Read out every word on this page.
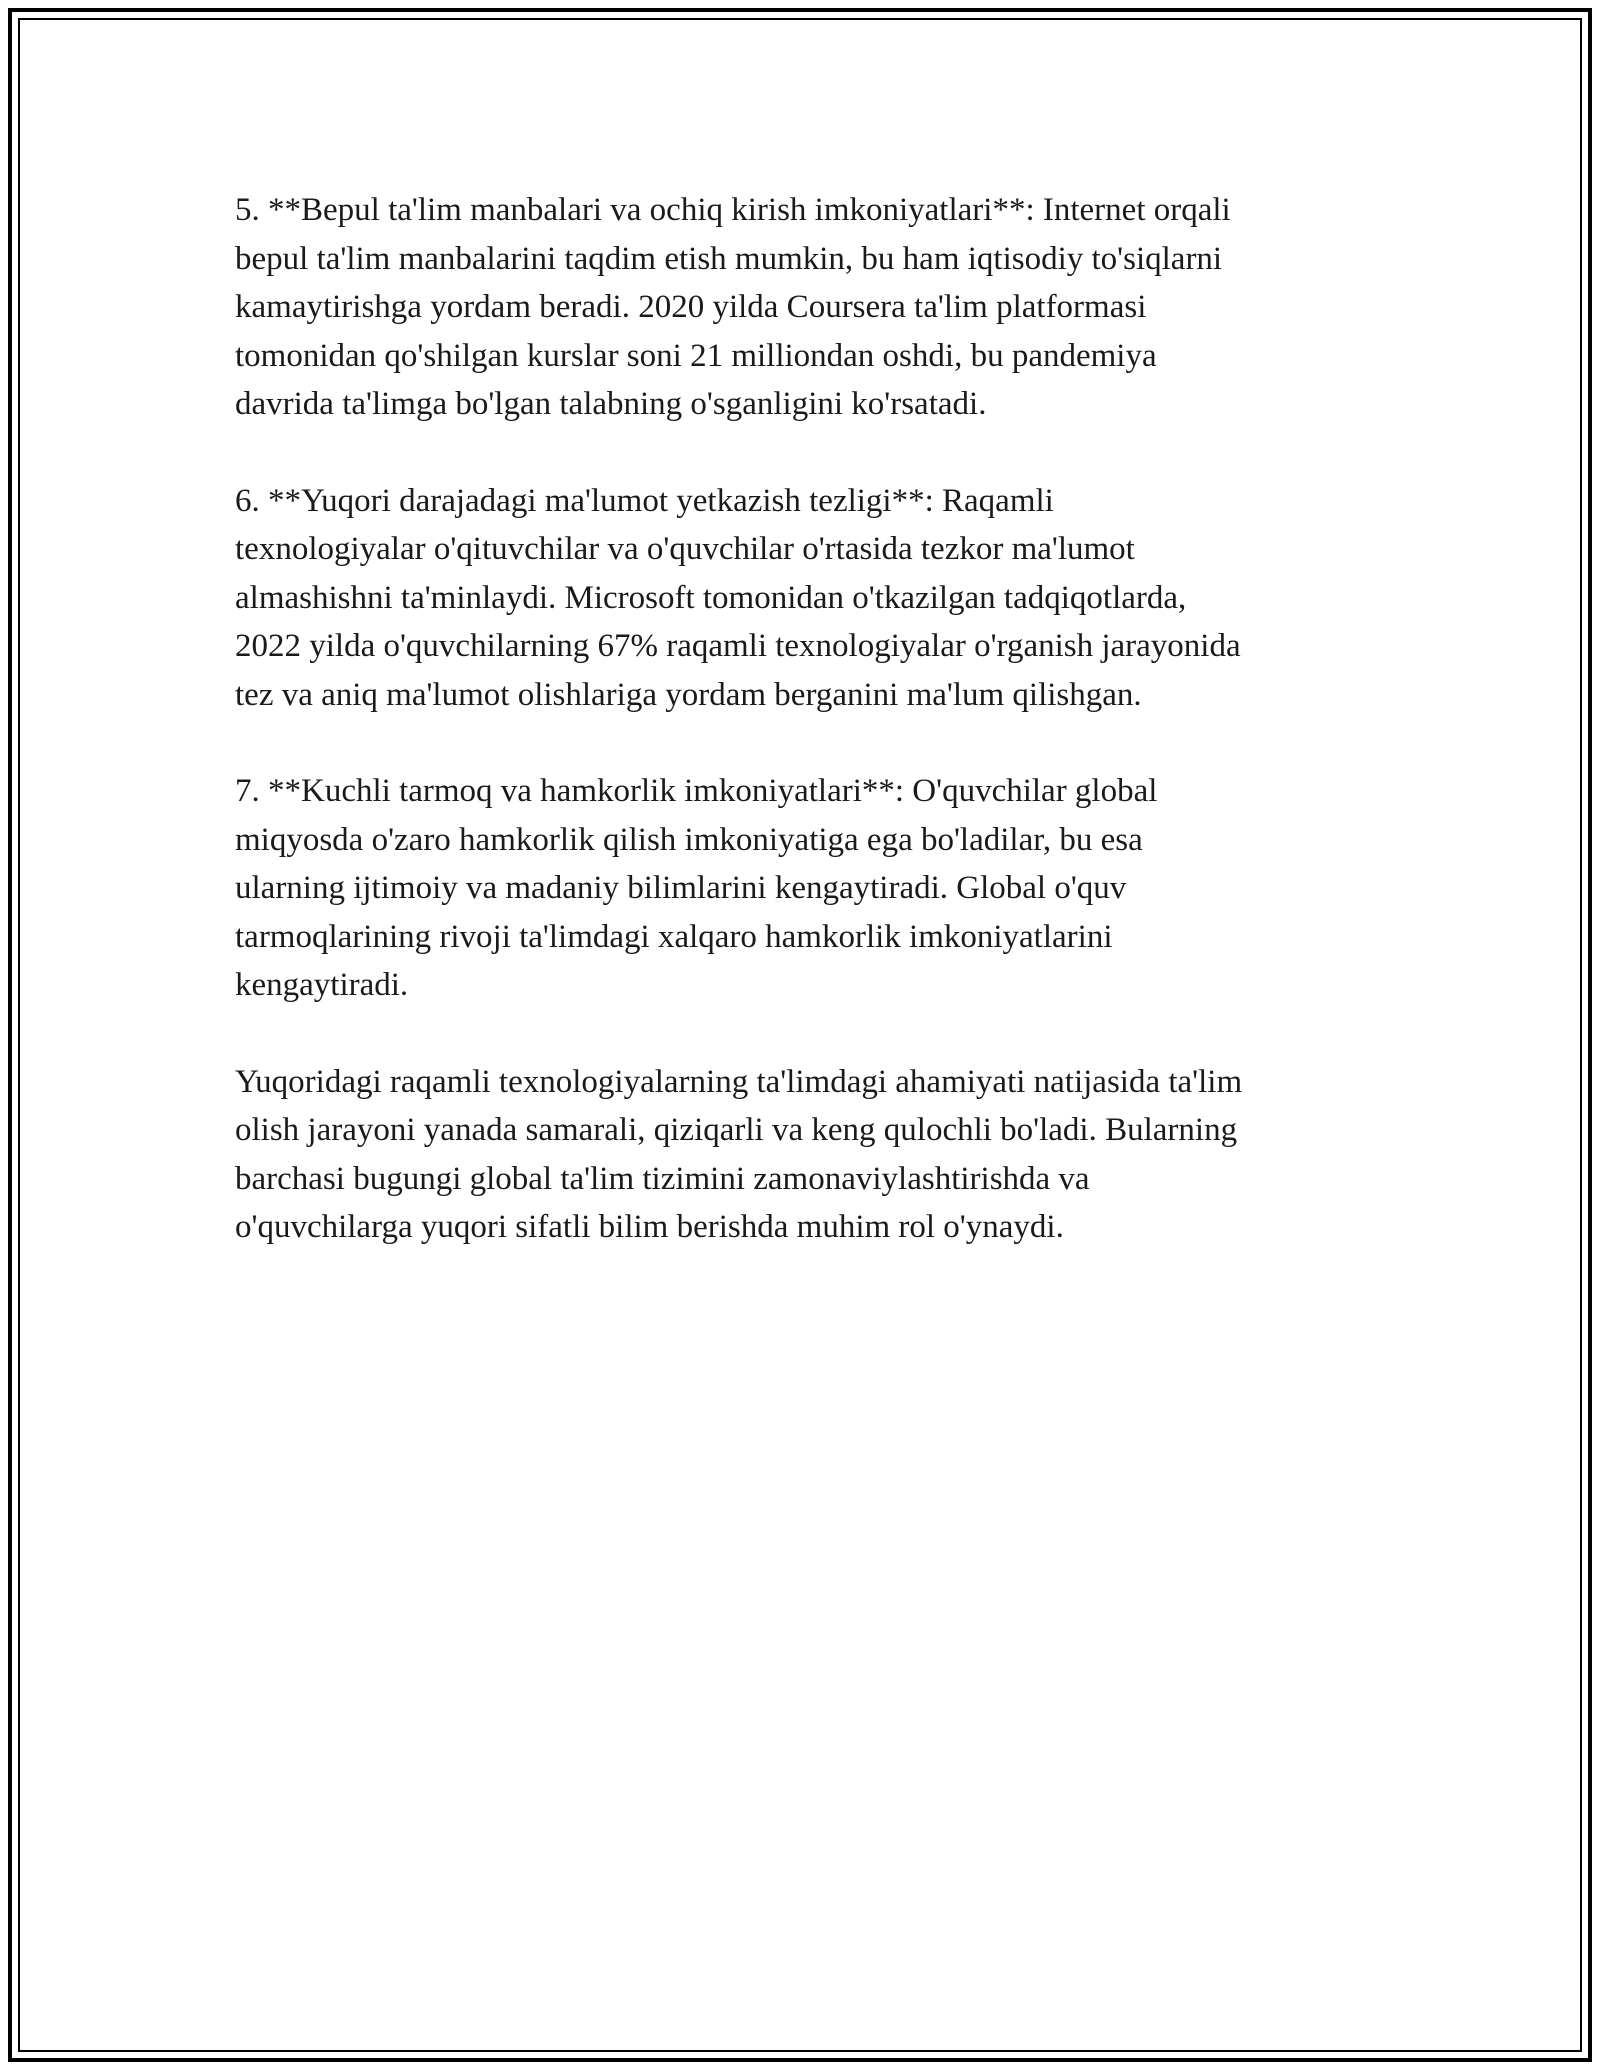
5. **Bepul ta'lim manbalari va ochiq kirish imkoniyatlari**: Internet orqali
bepul ta'lim manbalarini taqdim etish mumkin, bu ham iqtisodiy to'siqlarni
kamaytirishga yordam beradi. 2020 yilda Coursera ta'lim platformasi
tomonidan qo'shilgan kurslar soni 21 milliondan oshdi, bu pandemiya
davrida ta'limga bo'lgan talabning o'sganligini ko'rsatadi.

6. **Yuqori darajadagi ma'lumot yetkazish tezligi**: Raqamli
texnologiyalar o'qituvchilar va o'quvchilar o'rtasida tezkor ma'lumot
almashishni ta'minlaydi. Microsoft tomonidan o'tkazilgan tadqiqotlarda,
2022 yilda o'quvchilarning 67% raqamli texnologiyalar o'rganish jarayonida
tez va aniq ma'lumot olishlariga yordam berganini ma'lum qilishgan.

7. **Kuchli tarmoq va hamkorlik imkoniyatlari**: O'quvchilar global
miqyosda o'zaro hamkorlik qilish imkoniyatiga ega bo'ladilar, bu esa
ularning ijtimoiy va madaniy bilimlarini kengaytiradi. Global o'quv
tarmoqlarining rivoji ta'limdagi xalqaro hamkorlik imkoniyatlarini
kengaytiradi.

Yuqoridagi raqamli texnologiyalarning ta'limdagi ahamiyati natijasida ta'lim
olish jarayoni yanada samarali, qiziqarli va keng qulochli bo'ladi. Bularning
barchasi bugungi global ta'lim tizimini zamonaviylashtirishda va
o'quvchilarga yuqori sifatli bilim berishda muhim rol o'ynaydi.
